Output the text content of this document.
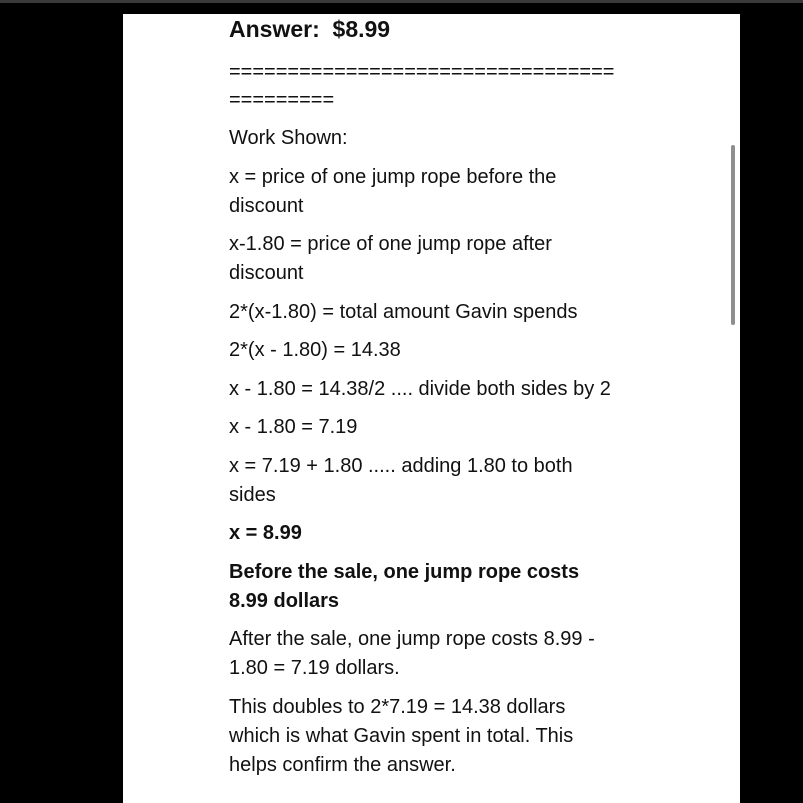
Answer:  $8.99
==========================================
Work Shown:
x = price of one jump rope before the discount
x-1.80 = price of one jump rope after discount
2*(x-1.80) = total amount Gavin spends
2*(x - 1.80) = 14.38
x - 1.80 = 14.38/2 .... divide both sides by 2
x - 1.80 = 7.19
x = 7.19 + 1.80 ..... adding 1.80 to both sides
x = 8.99
Before the sale, one jump rope costs 8.99 dollars
After the sale, one jump rope costs 8.99 - 1.80 = 7.19 dollars.
This doubles to 2*7.19 = 14.38 dollars which is what Gavin spent in total. This helps confirm the answer.
